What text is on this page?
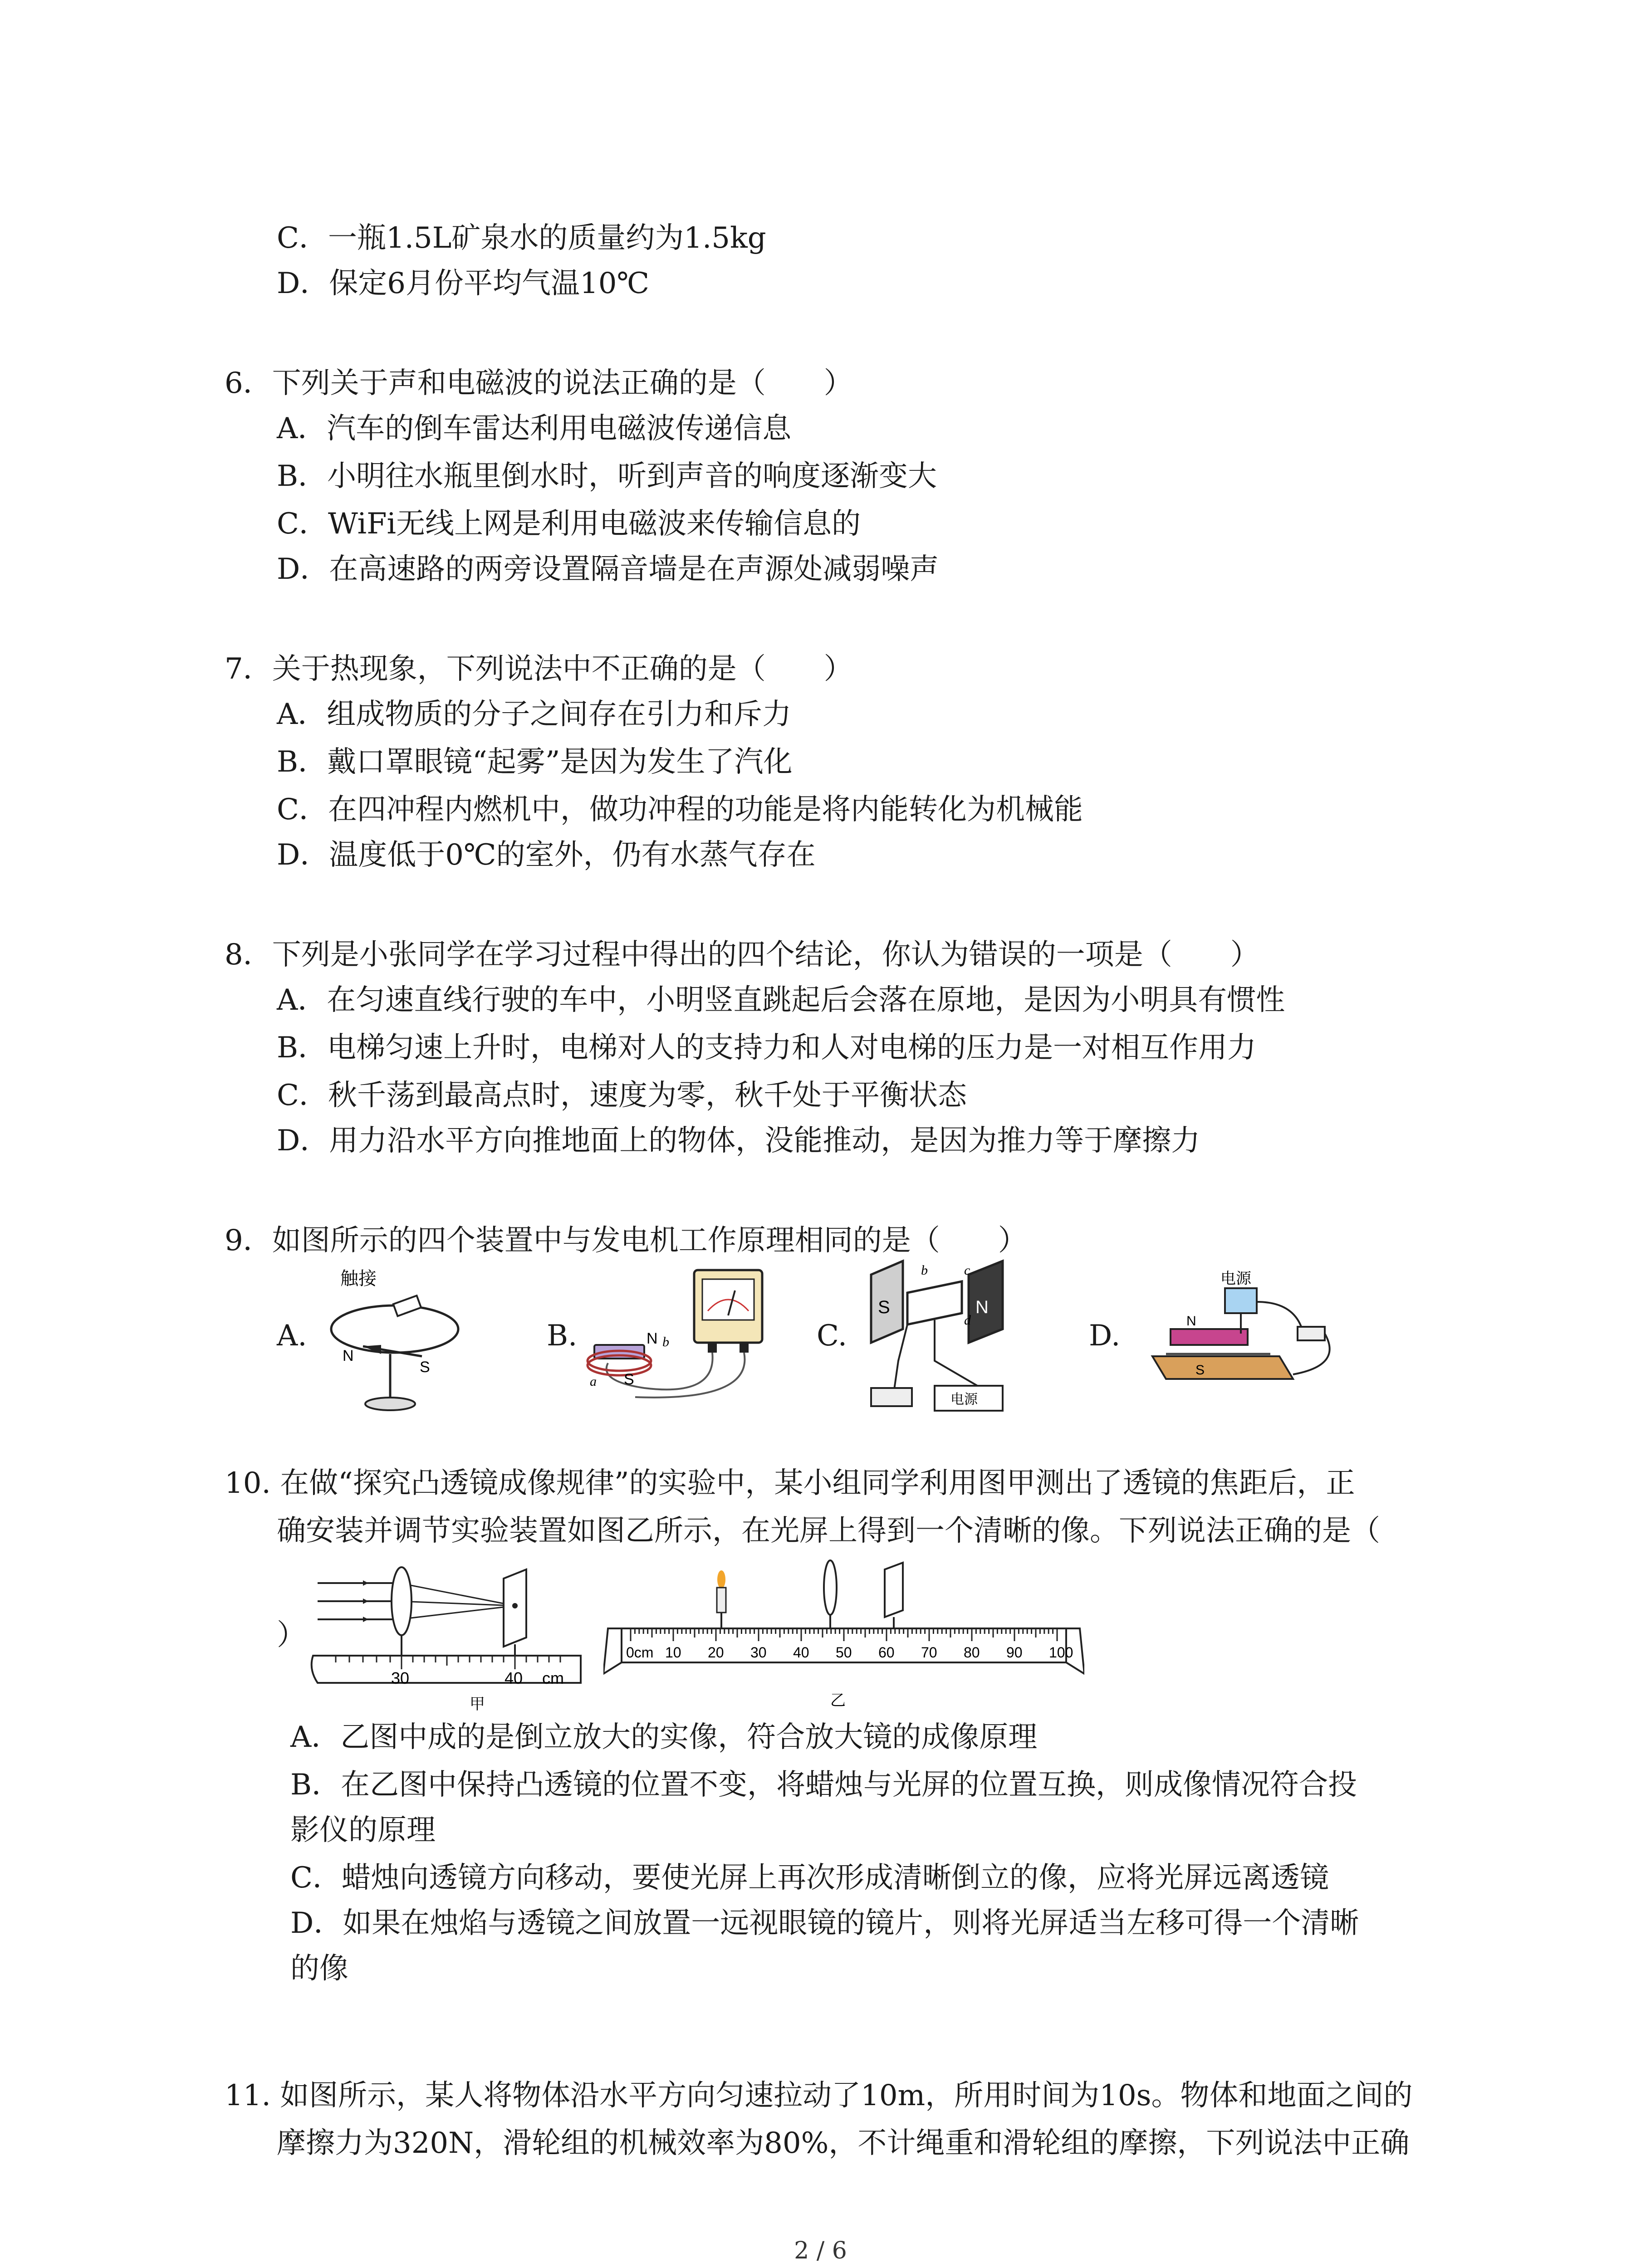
C．一瓶1.5L矿泉水的质量约为1.5kg
D．保定6月份平均气温10℃
6．下列关于声和电磁波的说法正确的是（　　）
A．汽车的倒车雷达利用电磁波传递信息
B．小明往水瓶里倒水时，听到声音的响度逐渐变大
C．WiFi无线上网是利用电磁波来传输信息的
D．在高速路的两旁设置隔音墙是在声源处减弱噪声
7．关于热现象，下列说法中不正确的是（　　）
A．组成物质的分子之间存在引力和斥力
B．戴口罩眼镜“起雾”是因为发生了汽化
C．在四冲程内燃机中，做功冲程的功能是将内能转化为机械能
D．温度低于0℃的室外，仍有水蒸气存在
8．下列是小张同学在学习过程中得出的四个结论，你认为错误的一项是（　　）
A．在匀速直线行驶的车中，小明竖直跳起后会落在原地，是因为小明具有惯性
B．电梯匀速上升时，电梯对人的支持力和人对电梯的压力是一对相互作用力
C．秋千荡到最高点时，速度为零，秋千处于平衡状态
D．用力沿水平方向推地面上的物体，没能推动，是因为推力等于摩擦力
9．如图所示的四个装置中与发电机工作原理相同的是（　　）
A.	B.	C.	D.
触接
N
S
N b
a S
S	N
b	c
d
电源
电源
N
S
10. 在做“探究凸透镜成像规律”的实验中，某小组同学利用图甲测出了透镜的焦距后，正
确安装并调节实验装置如图乙所示，在光屏上得到一个清晰的像。下列说法正确的是（
）
30	40 cm
甲
0cm 10 20 30 40 50 60 70 80 90 100
乙
A．乙图中成的是倒立放大的实像，符合放大镜的成像原理
B．在乙图中保持凸透镜的位置不变，将蜡烛与光屏的位置互换，则成像情况符合投
影仪的原理
C．蜡烛向透镜方向移动，要使光屏上再次形成清晰倒立的像，应将光屏远离透镜
D．如果在烛焰与透镜之间放置一远视眼镜的镜片，则将光屏适当左移可得一个清晰
的像
11. 如图所示，某人将物体沿水平方向匀速拉动了10m，所用时间为10s。物体和地面之间的
摩擦力为320N，滑轮组的机械效率为80%，不计绳重和滑轮组的摩擦，下列说法中正确
2 / 6
